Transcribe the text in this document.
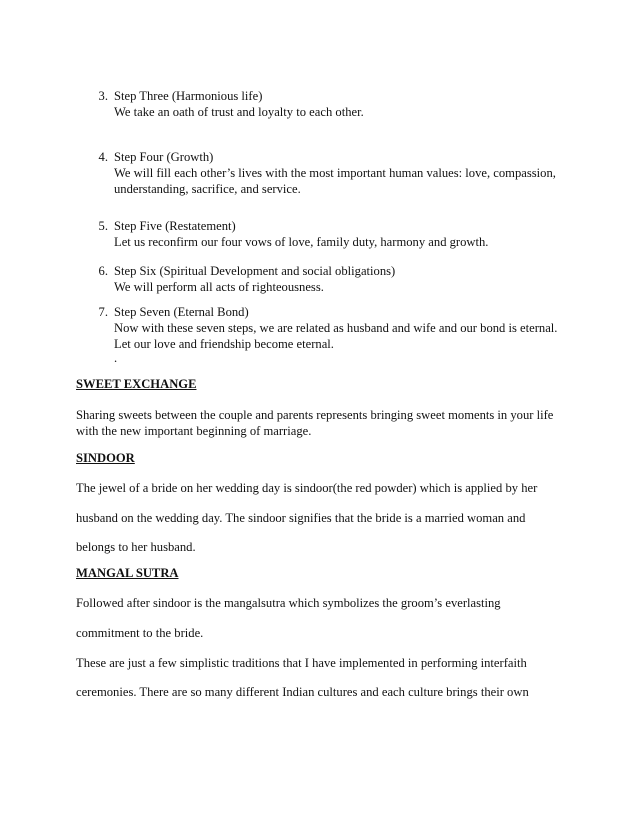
3. Step Three (Harmonious life)
We take an oath of trust and loyalty to each other.
4. Step Four (Growth)
We will fill each other’s lives with the most important human values: love, compassion,
understanding, sacrifice, and service.
5. Step Five (Restatement)
Let us reconfirm our four vows of love, family duty, harmony and growth.
6. Step Six (Spiritual Development and social obligations)
We will perform all acts of righteousness.
7. Step Seven (Eternal Bond)
Now with these seven steps, we are related as husband and wife and our bond is eternal.
Let our love and friendship become eternal.
.
SWEET EXCHANGE
Sharing sweets between the couple and parents represents bringing sweet moments in your life
with the new important beginning of marriage.
SINDOOR
The jewel of a bride on her wedding day is sindoor(the red powder) which is applied by her
husband on the wedding day. The sindoor signifies that the bride is a married woman and
belongs to her husband.
MANGAL SUTRA
Followed after sindoor is the mangalsutra which symbolizes the groom’s everlasting
commitment to the bride.
These are just a few simplistic traditions that I have implemented in performing interfaith
ceremonies. There are so many different Indian cultures and each culture brings their own
